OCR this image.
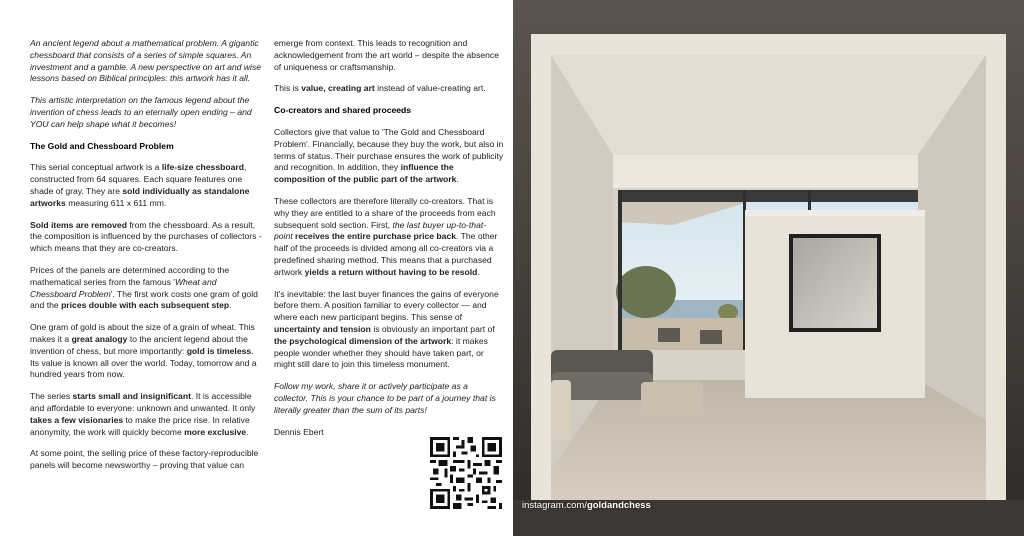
An ancient legend about a mathematical problem. A gigantic chessboard that consists of a series of simple squares. An investment and a gamble. A new perspective on art and wise lessons based on Biblical principles: this artwork has it all.

This artistic interpretation on the famous legend about the invention of chess leads to an eternally open ending – and YOU can help shape what it becomes!

The Gold and Chessboard Problem

This serial conceptual artwork is a life-size chessboard, constructed from 64 squares. Each square features one shade of gray. They are sold individually as standalone artworks measuring 611 x 611 mm.

Sold items are removed from the chessboard. As a result, the composition is influenced by the purchases of collectors - which means that they are co-creators.

Prices of the panels are determined according to the mathematical series from the famous 'Wheat and Chessboard Problem'. The first work costs one gram of gold and the prices double with each subsequent step.

One gram of gold is about the size of a grain of wheat. This makes it a great analogy to the ancient legend about the invention of chess, but more importantly: gold is timeless. Its value is known all over the world. Today, tomorrow and a hundred years from now.

The series starts small and insignificant. It is accessible and affordable to everyone: unknown and unwanted. It only takes a few visionaries to make the price rise. In relative anonymity, the work will quickly become more exclusive.

At some point, the selling price of these factory-reproducible panels will become newsworthy – proving that value can

emerge from context. This leads to recognition and acknowledgement from the art world – despite the absence of uniqueness or craftsmanship.

This is value, creating art instead of value-creating art.

Co-creators and shared proceeds

Collectors give that value to 'The Gold and Chessboard Problem'. Financially, because they buy the work, but also in terms of status. Their purchase ensures the work of publicity and recognition. In addition, they influence the composition of the public part of the artwork.

These collectors are therefore literally co-creators. That is why they are entitled to a share of the proceeds from each subsequent sold section. First, the last buyer up-to-that-point receives the entire purchase price back. The other half of the proceeds is divided among all co-creators via a predefined sharing method. This means that a purchased artwork yields a return without having to be resold.

It's inevitable: the last buyer finances the gains of everyone before them. A position familiar to every collector — and where each new participant begins. This sense of uncertainty and tension is obviously an important part of the psychological dimension of the artwork: it makes people wonder whether they should have taken part, or might still dare to join this timeless monument.

Follow my work, share it or actively participate as a collector. This is your chance to be part of a journey that is literally greater than the sum of its parts!

Dennis Ebert

instagram.com/goldandchess
